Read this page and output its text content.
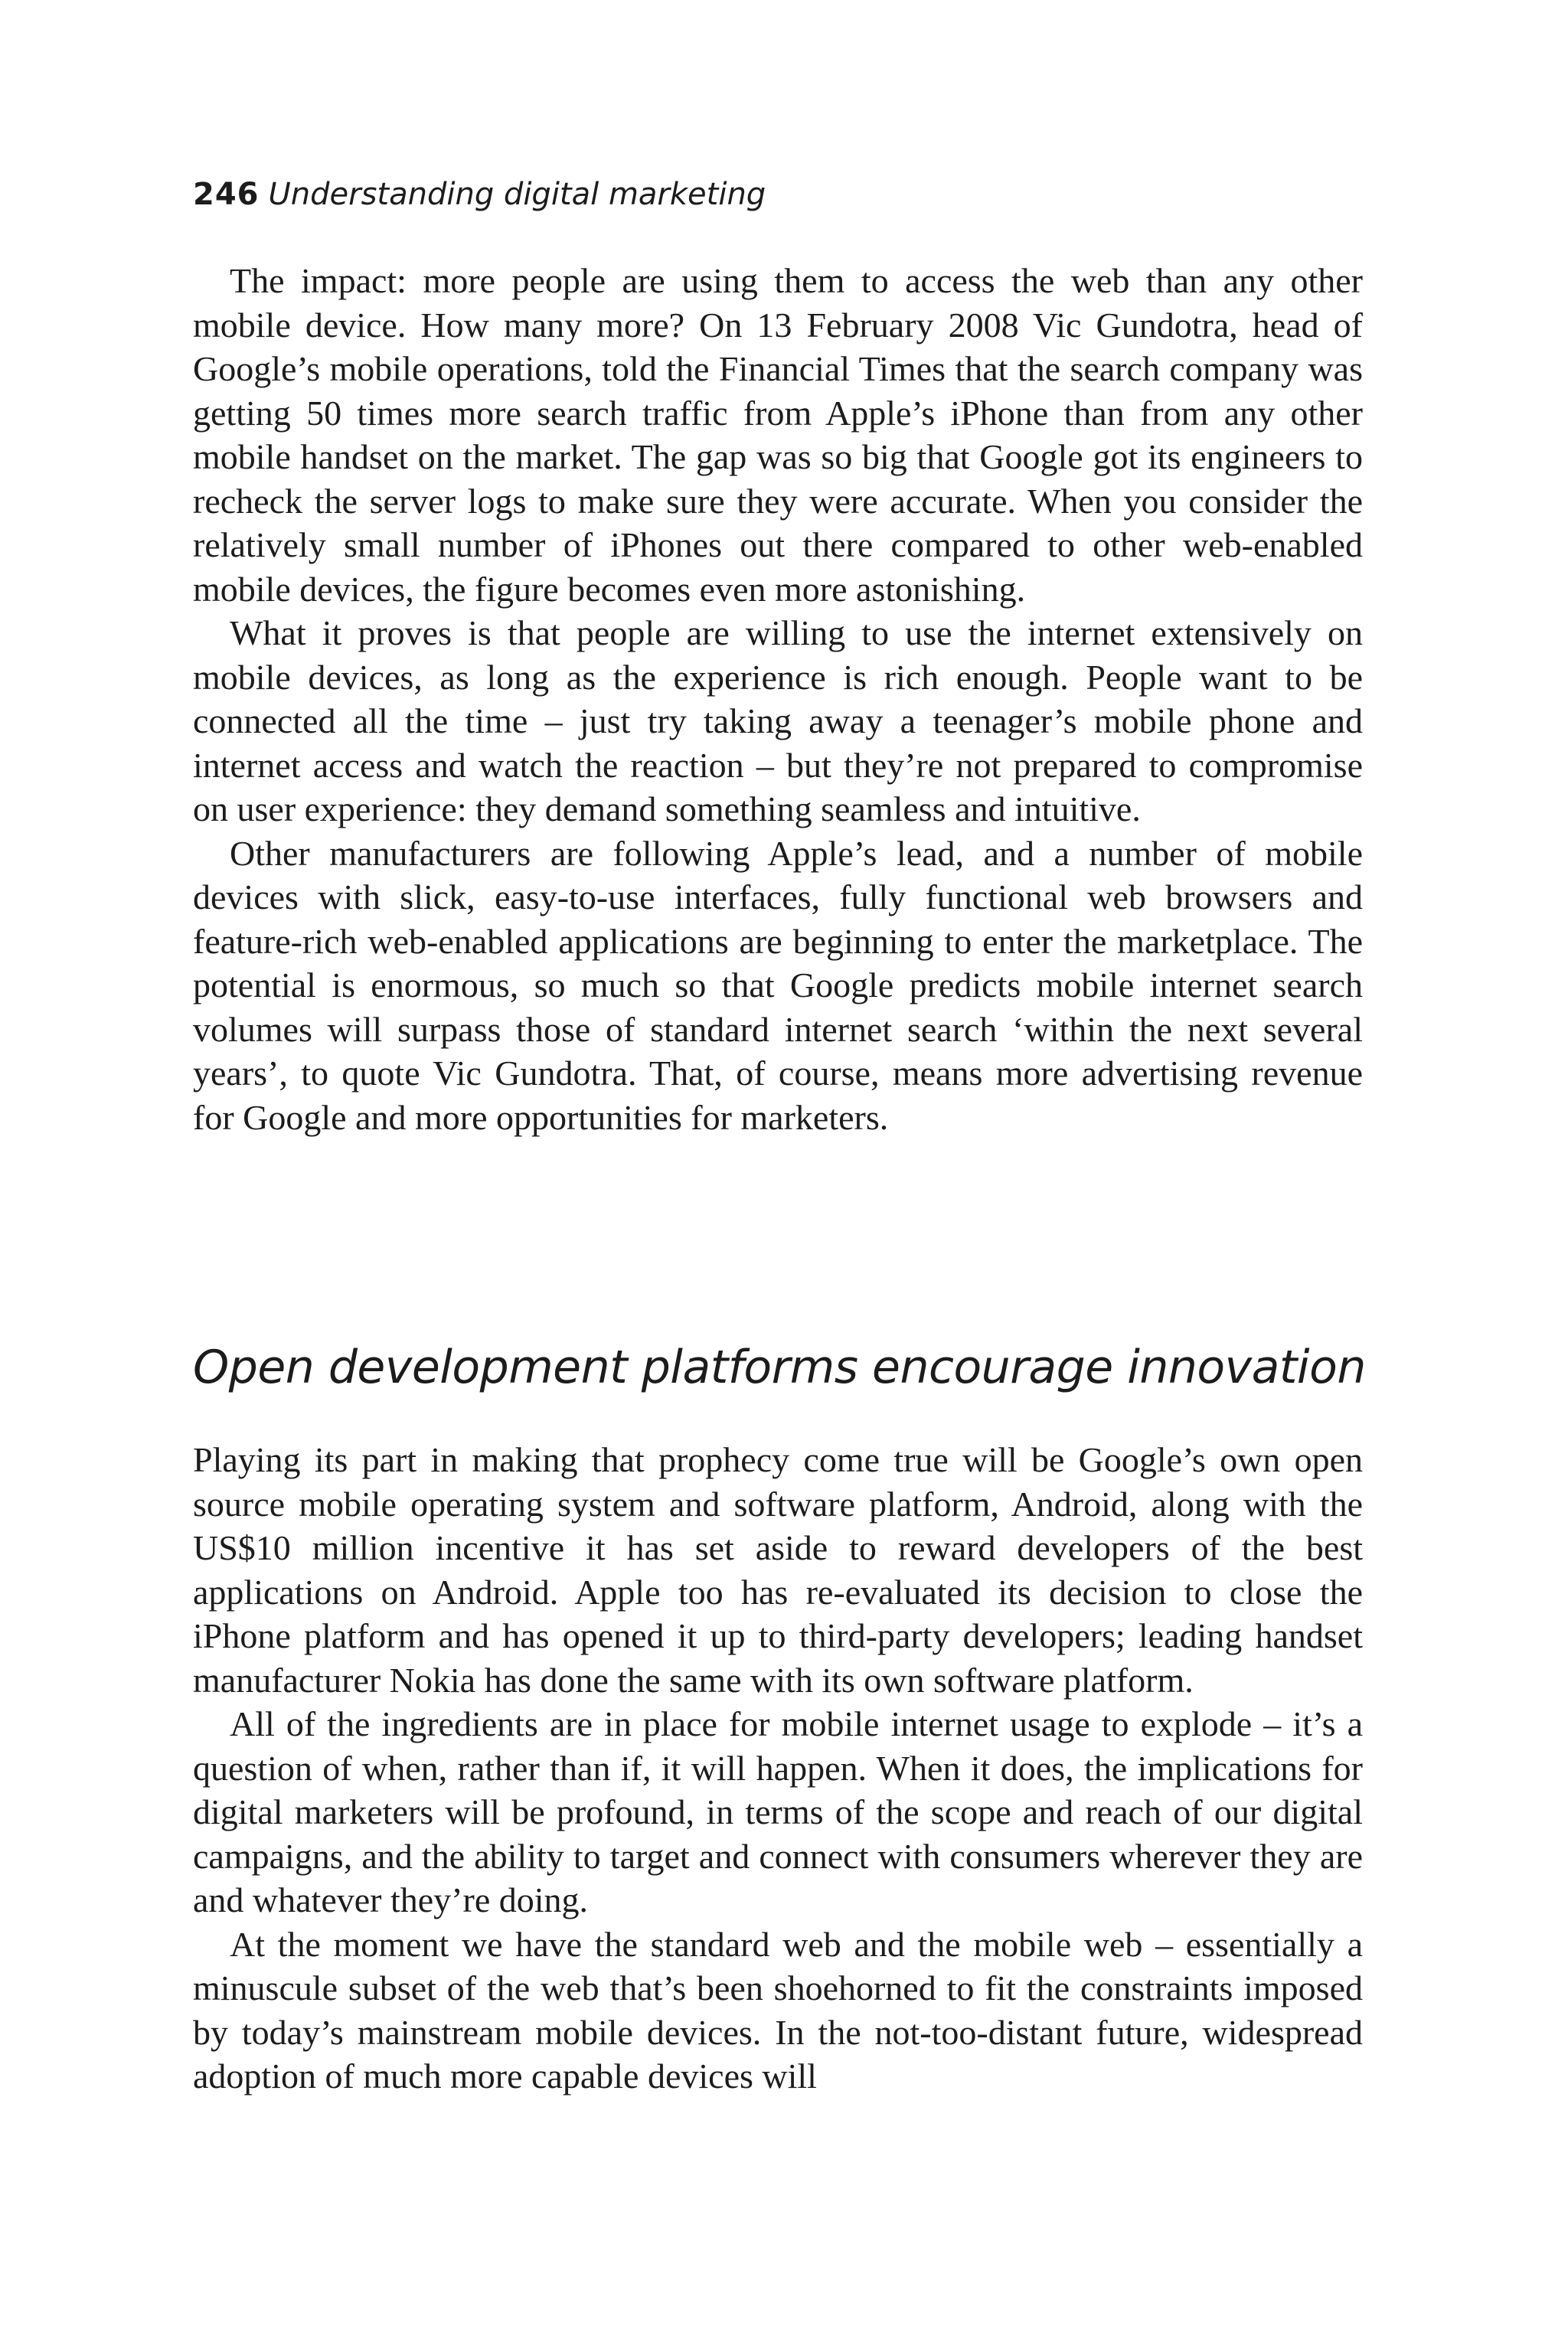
246 Understanding digital marketing

The impact: more people are using them to access the web than any other mobile device. How many more? On 13 February 2008 Vic Gundotra, head of Google’s mobile operations, told the Financial Times that the search company was getting 50 times more search traffic from Apple’s iPhone than from any other mobile handset on the market. The gap was so big that Google got its engineers to recheck the server logs to make sure they were accurate. When you consider the relatively small number of iPhones out there compared to other web-enabled mobile devices, the figure becomes even more astonishing.

What it proves is that people are willing to use the internet extensively on mobile devices, as long as the experience is rich enough. People want to be connected all the time – just try taking away a teenager’s mobile phone and internet access and watch the reaction – but they’re not prepared to compromise on user experience: they demand something seamless and intuitive.

Other manufacturers are following Apple’s lead, and a number of mobile devices with slick, easy-to-use interfaces, fully functional web browsers and feature-rich web-enabled applications are beginning to enter the marketplace. The potential is enormous, so much so that Google predicts mobile internet search volumes will surpass those of standard internet search ‘within the next several years’, to quote Vic Gundotra. That, of course, means more advertising revenue for Google and more opportunities for marketers.

Open development platforms encourage innovation

Playing its part in making that prophecy come true will be Google’s own open source mobile operating system and software platform, Android, along with the US$10 million incentive it has set aside to reward developers of the best applications on Android. Apple too has re-evaluated its decision to close the iPhone platform and has opened it up to third-party developers; leading handset manufacturer Nokia has done the same with its own software platform.

All of the ingredients are in place for mobile internet usage to explode – it’s a question of when, rather than if, it will happen. When it does, the implications for digital marketers will be profound, in terms of the scope and reach of our digital campaigns, and the ability to target and connect with consumers wherever they are and whatever they’re doing.

At the moment we have the standard web and the mobile web – essentially a minuscule subset of the web that’s been shoehorned to fit the constraints imposed by today’s mainstream mobile devices. In the not-too-distant future, widespread adoption of much more capable devices will
